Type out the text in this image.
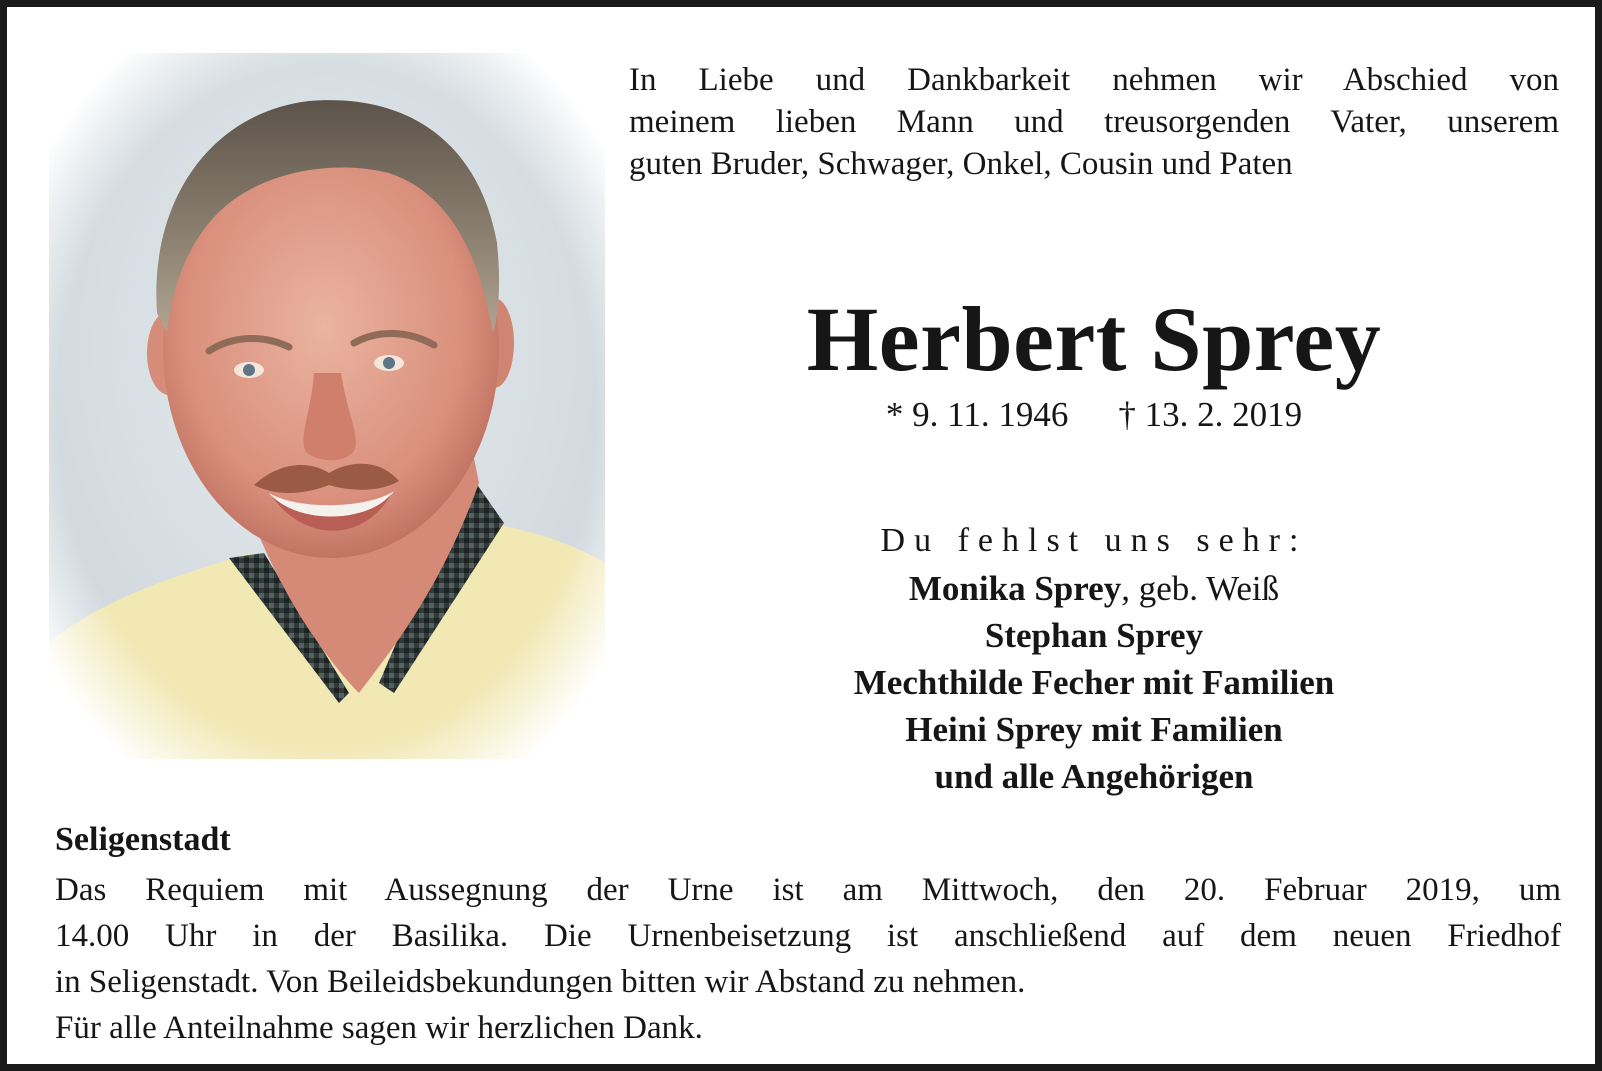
In Liebe und Dankbarkeit nehmen wir Abschied von
meinem lieben Mann und treusorgenden Vater, unserem
guten Bruder, Schwager, Onkel, Cousin und Paten

Herbert Sprey

* 9. 11. 1946 † 13. 2. 2019

Du fehlst uns sehr:

Monika Sprey, geb. Weiß
Stephan Sprey
Mechthilde Fecher mit Familien
Heini Sprey mit Familien
und alle Angehörigen

Seligenstadt

Das Requiem mit Aussegnung der Urne ist am Mittwoch, den 20. Februar 2019, um
14.00 Uhr in der Basilika. Die Urnenbeisetzung ist anschließend auf dem neuen Friedhof
in Seligenstadt. Von Beileidsbekundungen bitten wir Abstand zu nehmen.
Für alle Anteilnahme sagen wir herzlichen Dank.
